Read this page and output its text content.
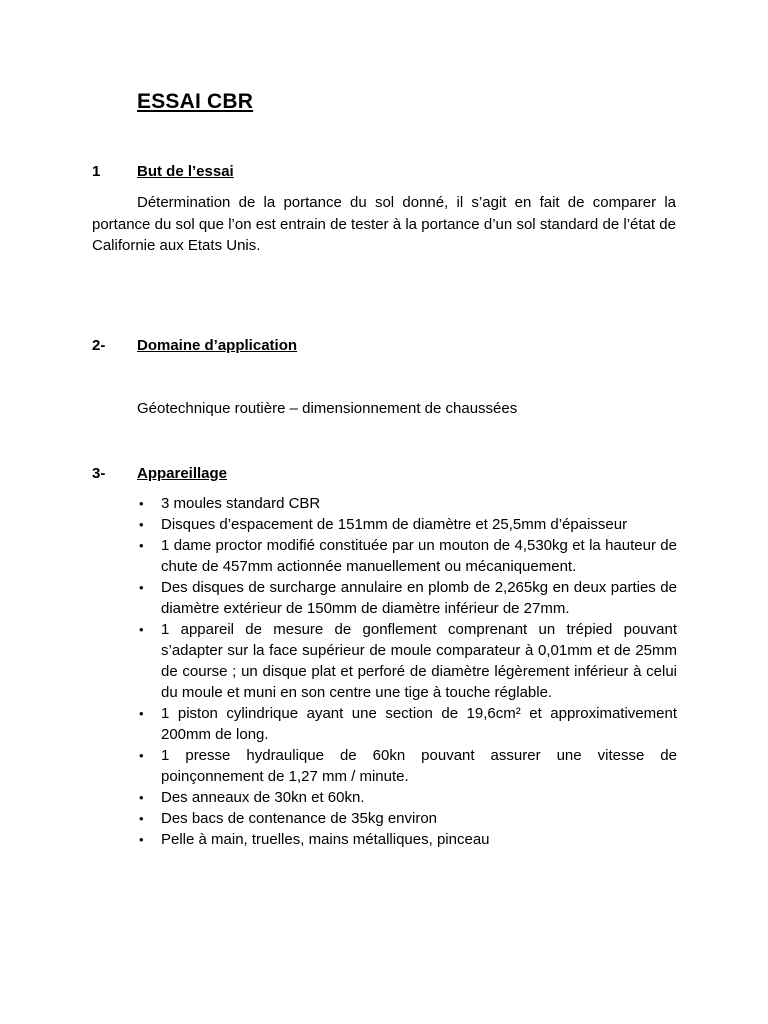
ESSAI CBR
1 But de l’essai

Détermination de la portance du sol donné, il s’agit en fait de comparer la portance du sol que l’on est entrain de tester à la portance d’un sol standard de l’état de Californie aux Etats Unis.

2- Domaine d’application

Géotechnique routière – dimensionnement de chaussées

3- Appareillage
• 3 moules standard CBR
• Disques d’espacement de 151mm de diamètre et 25,5mm d’épaisseur
• 1 dame proctor modifié constituée par un mouton de 4,530kg et la hauteur de chute de 457mm actionnée manuellement ou mécaniquement.
• Des disques de surcharge annulaire en plomb de 2,265kg en deux parties de diamètre extérieur de 150mm de diamètre inférieur de 27mm.
• 1 appareil de mesure de gonflement comprenant un trépied pouvant s’adapter sur la face supérieur de moule comparateur à 0,01mm et de 25mm de course ; un disque plat et perforé de diamètre légèrement inférieur à celui du moule et muni en son centre une tige à touche réglable.
• 1 piston cylindrique ayant une section de 19,6cm² et approximativement 200mm de long.
• 1 presse hydraulique de 60kn pouvant assurer une vitesse de poinçonnement de 1,27 mm / minute.
• Des anneaux de 30kn et 60kn.
• Des bacs de contenance de 35kg environ
• Pelle à main, truelles, mains métalliques, pinceau
